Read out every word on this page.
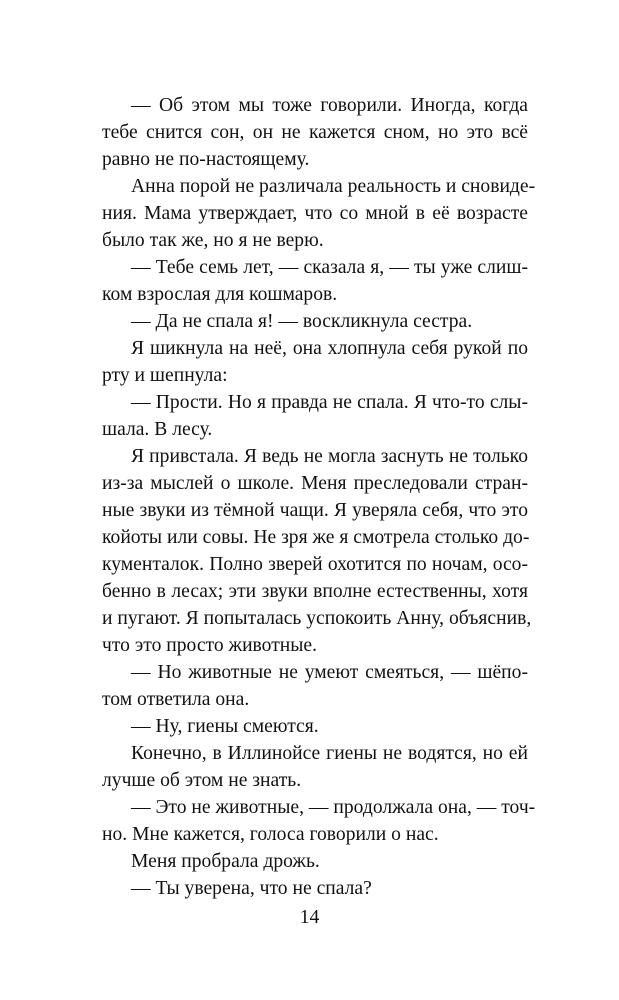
— Об этом мы тоже говорили. Иногда, когда
тебе снится сон, он не кажется сном, но это всё
равно не по-настоящему.
Анна порой не различала реальность и сновиде-
ния. Мама утверждает, что со мной в её возрасте
было так же, но я не верю.
— Тебе семь лет, — сказала я, — ты уже слиш-
ком взрослая для кошмаров.
— Да не спала я! — воскликнула сестра.
Я шикнула на неё, она хлопнула себя рукой по
рту и шепнула:
— Прости. Но я правда не спала. Я что-то слы-
шала. В лесу.
Я привстала. Я ведь не могла заснуть не только
из-за мыслей о школе. Меня преследовали стран-
ные звуки из тёмной чащи. Я уверяла себя, что это
койоты или совы. Не зря же я смотрела столько до-
кументалок. Полно зверей охотится по ночам, осо-
бенно в лесах; эти звуки вполне естественны, хотя
и пугают. Я попыталась успокоить Анну, объяснив,
что это просто животные.
— Но животные не умеют смеяться, — шёпо-
том ответила она.
— Ну, гиены смеются.
Конечно, в Иллинойсе гиены не водятся, но ей
лучше об этом не знать.
— Это не животные, — продолжала она, — точ-
но. Мне кажется, голоса говорили о нас.
Меня пробрала дрожь.
— Ты уверена, что не спала?
14
